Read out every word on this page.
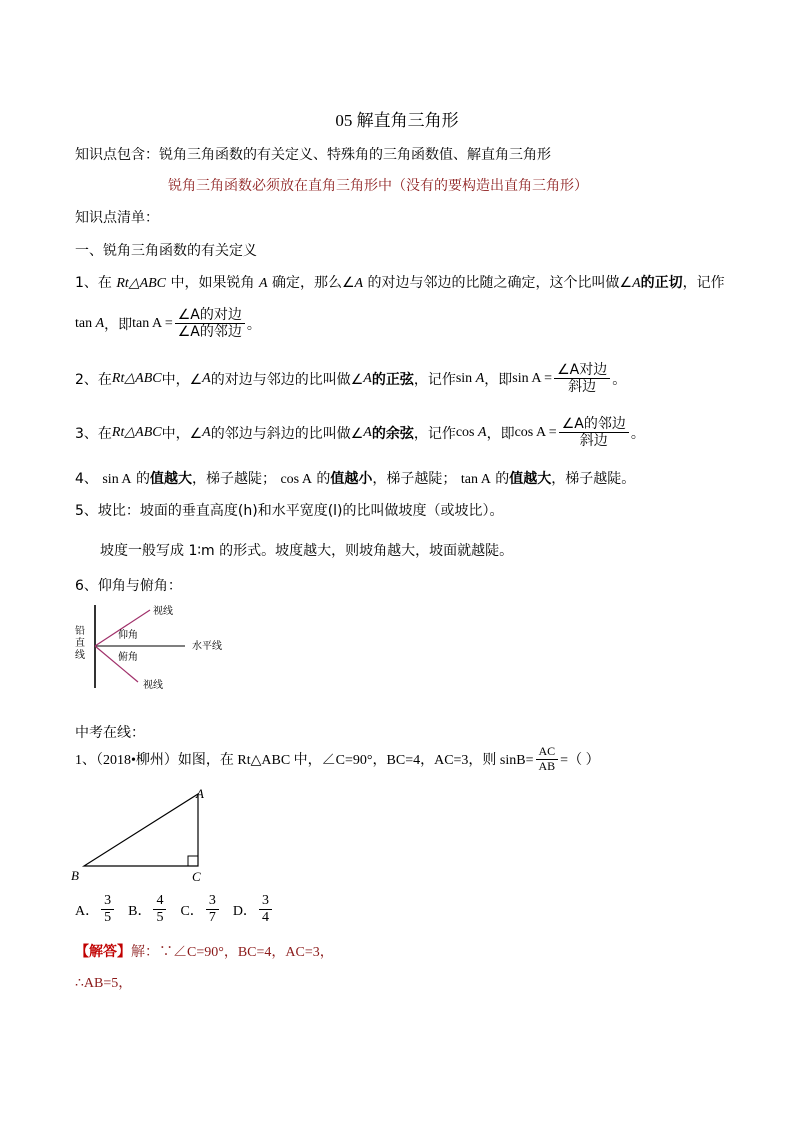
05 解直角三角形
知识点包含：锐角三角函数的有关定义、特殊角的三角函数值、解直角三角形
锐角三角函数必须放在直角三角形中（没有的要构造出直角三角形）
知识点清单：
一、锐角三角函数的有关定义
1、在 Rt△ABC 中，如果锐角 A 确定，那么∠A 的对边与邻边的比随之确定，这个比叫做∠A的正切，记作
tan A ，即 $\tan A = \frac{\text{∠A的对边}}{\text{∠A的邻边}}$ 。
2、在 Rt △ABC 中，∠ A 的对边与邻边的比叫做∠ A 的正弦 ，记作 sin A ，即 $\sin A = \frac{\text{∠A对边}}{\text{斜边}}$ 。
3、在 Rt △ABC 中，∠ A 的邻边与斜边的比叫做∠ A 的余弦 ，记作 cos A ，即 $\cos A = \frac{\text{∠A的邻边}}{\text{斜边}}$ 。
4、 sin A 的值越大，梯子越陡； cos A 的值越小，梯子越陡； tan A 的值越大，梯子越陡。
5、坡比：坡面的垂直高度(h)和水平宽度(l)的比叫做坡度（或坡比）。
坡度一般写成 1∶m 的形式。坡度越大，则坡角越大，坡面就越陡。
6、仰角与俯角：
铅
直
线
视线
视线
仰角
俯角
水平线
中考在线：
1、（2018•柳州）如图，在 Rt△ABC 中，∠C=90°，BC=4，AC=3，则 $\sin B= \frac{AC}{AB}$ =（ ）
A
B	C
A． $\frac{3}{5}$ B． $\frac{4}{5}$ C． $\frac{3}{7}$ D． $\frac{3}{4}$
【解答】解：∵∠C=90°，BC=4，AC=3，
∴AB=5，
